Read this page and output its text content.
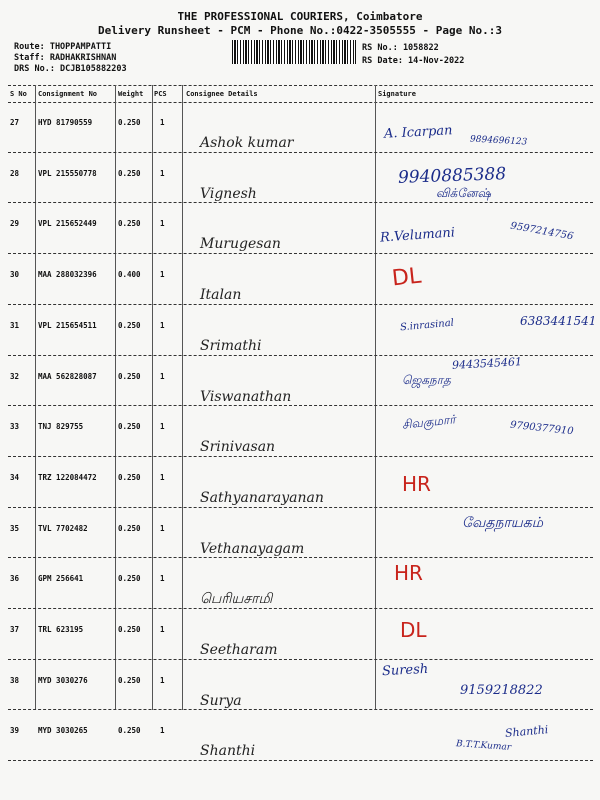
THE PROFESSIONAL COURIERS, Coimbatore
Delivery Runsheet - PCM - Phone No.:0422-3505555 - Page No.:3
Route: THOPPAMPATTI
Staff: RADHAKRISHNAN
DRS No.: DCJB105882203
RS No.: 1058822
RS Date: 14-Nov-2022
S No Consignment No	Weight PCS	Consignee Details	Signature
27	HYD 81790559	0.250	1
Ashok kumar
A. Icarpan 9894696123
28	VPL 215550778	0.250	1
Vignesh
9940885388
விக்னேஷ்
29	VPL 215652449	0.250	1
Murugesan	R.Velumani	9597214756
30	MAA 288032396	0.400	1
Italan
DL
31	VPL 215654511	0.250	1
Srimathi
S.inrasinal	6383441541
32	MAA 562828087	0.250	1
Viswanathan
9443545461
ஜெகநாத
33	TNJ 829755	0.250	1
Srinivasan
சிவகுமார்	9790377910
34	TRZ 122084472	0.250	1
Sathyanarayanan
HR
35	TVL 7702482	0.250	1
Vethanayagam
வேதநாயகம்
36	GPM 256641	0.250	1
பெரியசாமி
HR
37	TRL 623195	0.250	1
Seetharam
DL
38	MYD 3030276	0.250	1
Surya
Suresh
9159218822
39	MYD 3030265	0.250	1
Shanthi
Shanthi
B.T.T.Kumar
